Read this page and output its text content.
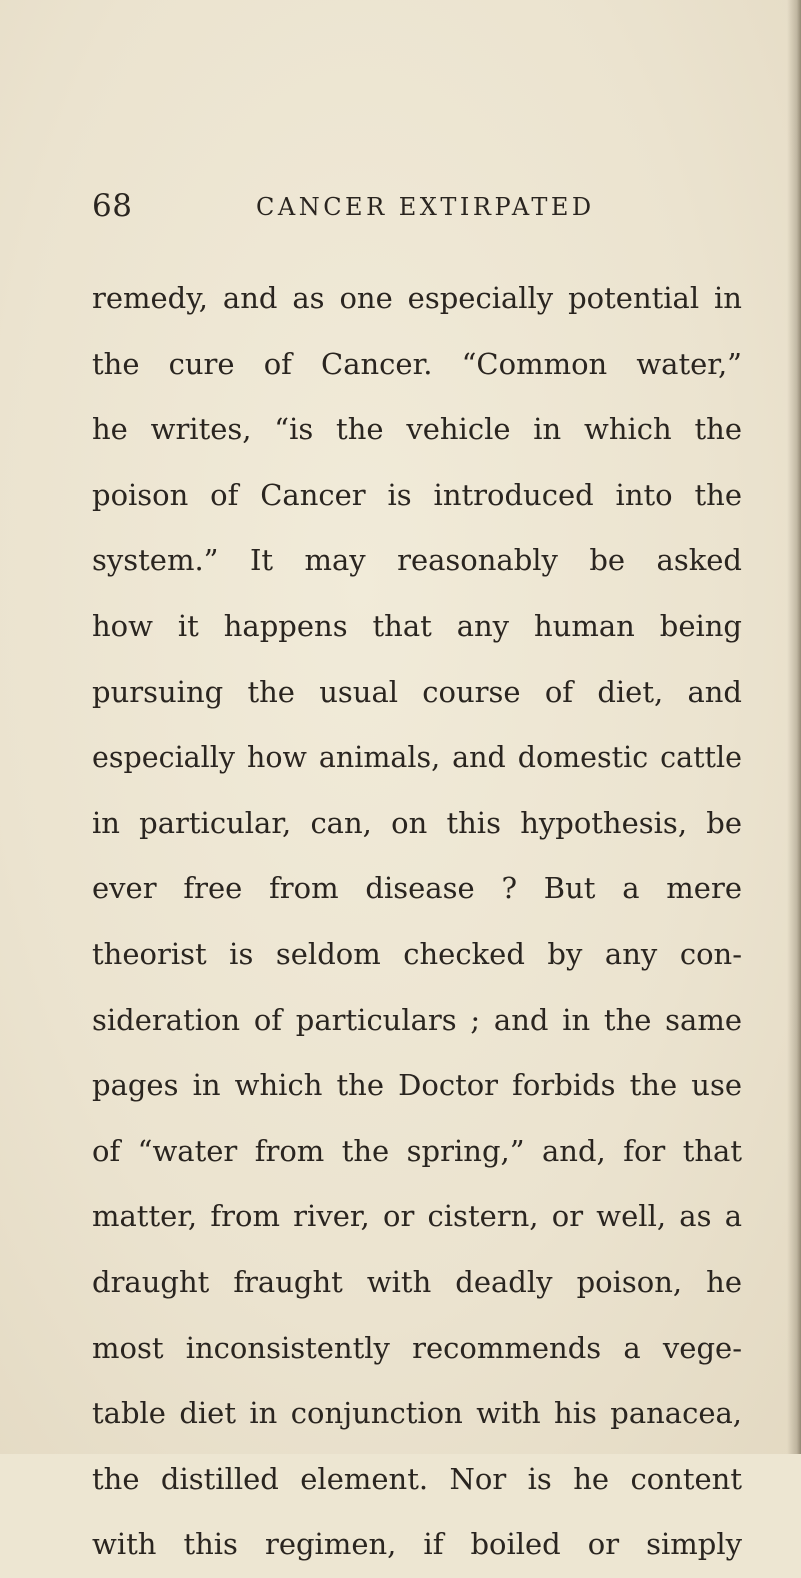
68	CANCER EXTIRPATED
remedy, and as one especially potential in
the cure of Cancer. “Common water,”
he writes, “is the vehicle in which the
poison of Cancer is introduced into the
system.” It may reasonably be asked
how it happens that any human being
pursuing the usual course of diet, and
especially how animals, and domestic cattle
in particular, can, on this hypothesis, be
ever free from disease ? But a mere
theorist is seldom checked by any con-
sideration of particulars ; and in the same
pages in which the Doctor forbids the use
of “water from the spring,” and, for that
matter, from river, or cistern, or well, as a
draught fraught with deadly poison, he
most inconsistently recommends a vege-
table diet in conjunction with his panacea,
the distilled element. Nor is he content
with this regimen, if boiled or simply
